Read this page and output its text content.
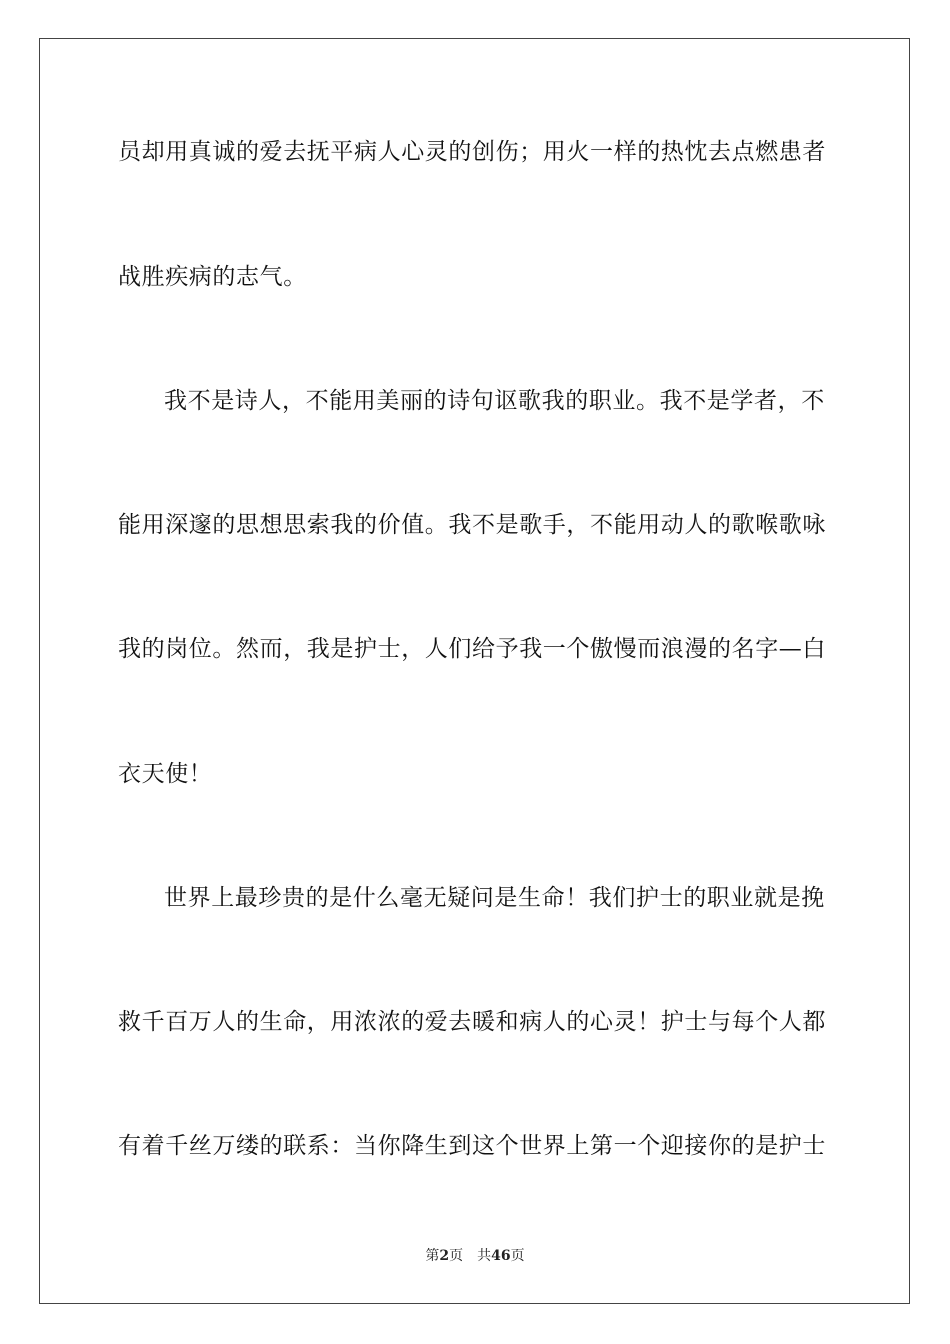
员却用真诚的爱去抚平病人心灵的创伤；用火一样的热忱去点燃患者
战胜疾病的志气。
我不是诗人，不能用美丽的诗句讴歌我的职业。我不是学者，不
能用深邃的思想思索我的价值。我不是歌手，不能用动人的歌喉歌咏
我的岗位。然而，我是护士，人们给予我一个傲慢而浪漫的名字—白
衣天使！
世界上最珍贵的是什么毫无疑问是生命！我们护士的职业就是挽
救千百万人的生命，用浓浓的爱去暖和病人的心灵！护士与每个人都
有着千丝万缕的联系：当你降生到这个世界上第一个迎接你的是护士
第2页 共46页
